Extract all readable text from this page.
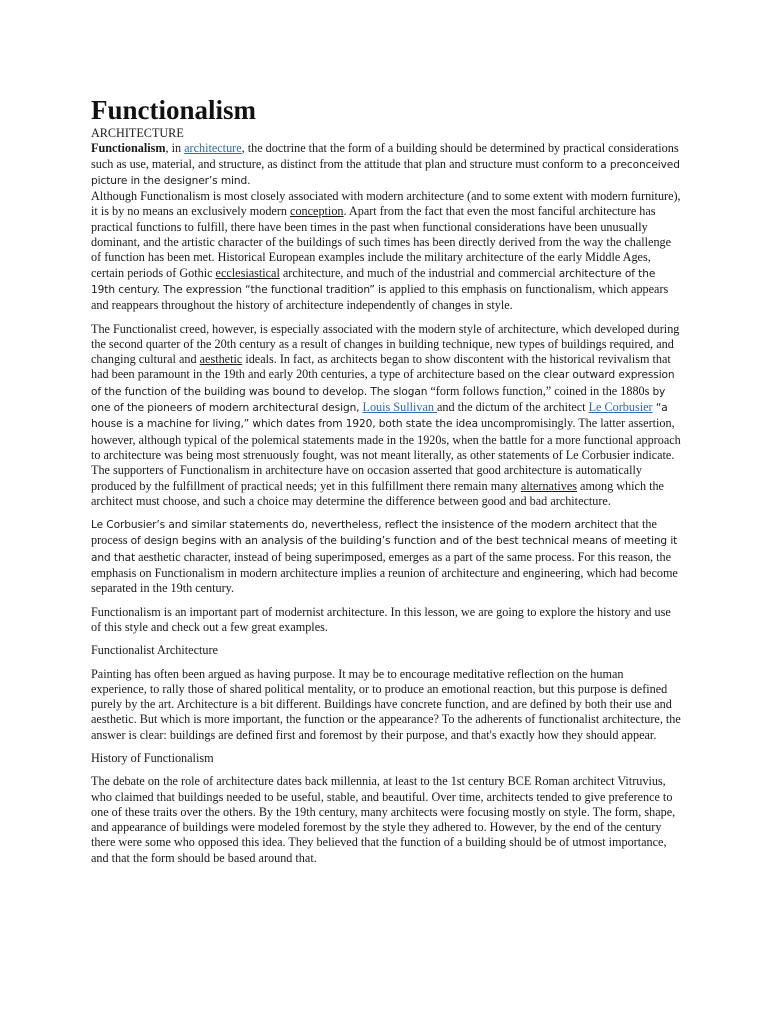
Functionalism
ARCHITECTURE

Functionalism, in architecture, the doctrine that the form of a building should be determined by practical considerations such as use, material, and structure, as distinct from the attitude that plan and structure must conform to a preconceived picture in the designer’s mind.

Although Functionalism is most closely associated with modern architecture (and to some extent with modern furniture), it is by no means an exclusively modern conception. Apart from the fact that even the most fanciful architecture has practical functions to fulfill, there have been times in the past when functional considerations have been unusually dominant, and the artistic character of the buildings of such times has been directly derived from the way the challenge of function has been met. Historical European examples include the military architecture of the early Middle Ages, certain periods of Gothic ecclesiastical architecture, and much of the industrial and commercial architecture of the 19th century. The expression “the functional tradition” is applied to this emphasis on functionalism, which appears and reappears throughout the history of architecture independently of changes in style.

The Functionalist creed, however, is especially associated with the modern style of architecture, which developed during the second quarter of the 20th century as a result of changes in building technique, new types of buildings required, and changing cultural and aesthetic ideals. In fact, as architects began to show discontent with the historical revivalism that had been paramount in the 19th and early 20th centuries, a type of architecture based on the clear outward expression of the function of the building was bound to develop. The slogan “form follows function,” coined in the 1880s by one of the pioneers of modern architectural design, Louis Sullivan and the dictum of the architect Le Corbusier “a house is a machine for living,” which dates from 1920, both state the idea uncompromisingly. The latter assertion, however, although typical of the polemical statements made in the 1920s, when the battle for a more functional approach to architecture was being most strenuously fought, was not meant literally, as other statements of Le Corbusier indicate. The supporters of Functionalism in architecture have on occasion asserted that good architecture is automatically produced by the fulfillment of practical needs; yet in this fulfillment there remain many alternatives among which the architect must choose, and such a choice may determine the difference between good and bad architecture.

Le Corbusier’s and similar statements do, nevertheless, reflect the insistence of the modern architect that the process of design begins with an analysis of the building’s function and of the best technical means of meeting it and that aesthetic character, instead of being superimposed, emerges as a part of the same process. For this reason, the emphasis on Functionalism in modern architecture implies a reunion of architecture and engineering, which had become separated in the 19th century.

Functionalism is an important part of modernist architecture. In this lesson, we are going to explore the history and use of this style and check out a few great examples.

Functionalist Architecture

Painting has often been argued as having purpose. It may be to encourage meditative reflection on the human experience, to rally those of shared political mentality, or to produce an emotional reaction, but this purpose is defined purely by the art. Architecture is a bit different. Buildings have concrete function, and are defined by both their use and aesthetic. But which is more important, the function or the appearance? To the adherents of functionalist architecture, the answer is clear: buildings are defined first and foremost by their purpose, and that's exactly how they should appear.

History of Functionalism

The debate on the role of architecture dates back millennia, at least to the 1st century BCE Roman architect Vitruvius, who claimed that buildings needed to be useful, stable, and beautiful. Over time, architects tended to give preference to one of these traits over the others. By the 19th century, many architects were focusing mostly on style. The form, shape, and appearance of buildings were modeled foremost by the style they adhered to. However, by the end of the century there were some who opposed this idea. They believed that the function of a building should be of utmost importance, and that the form should be based around that.
